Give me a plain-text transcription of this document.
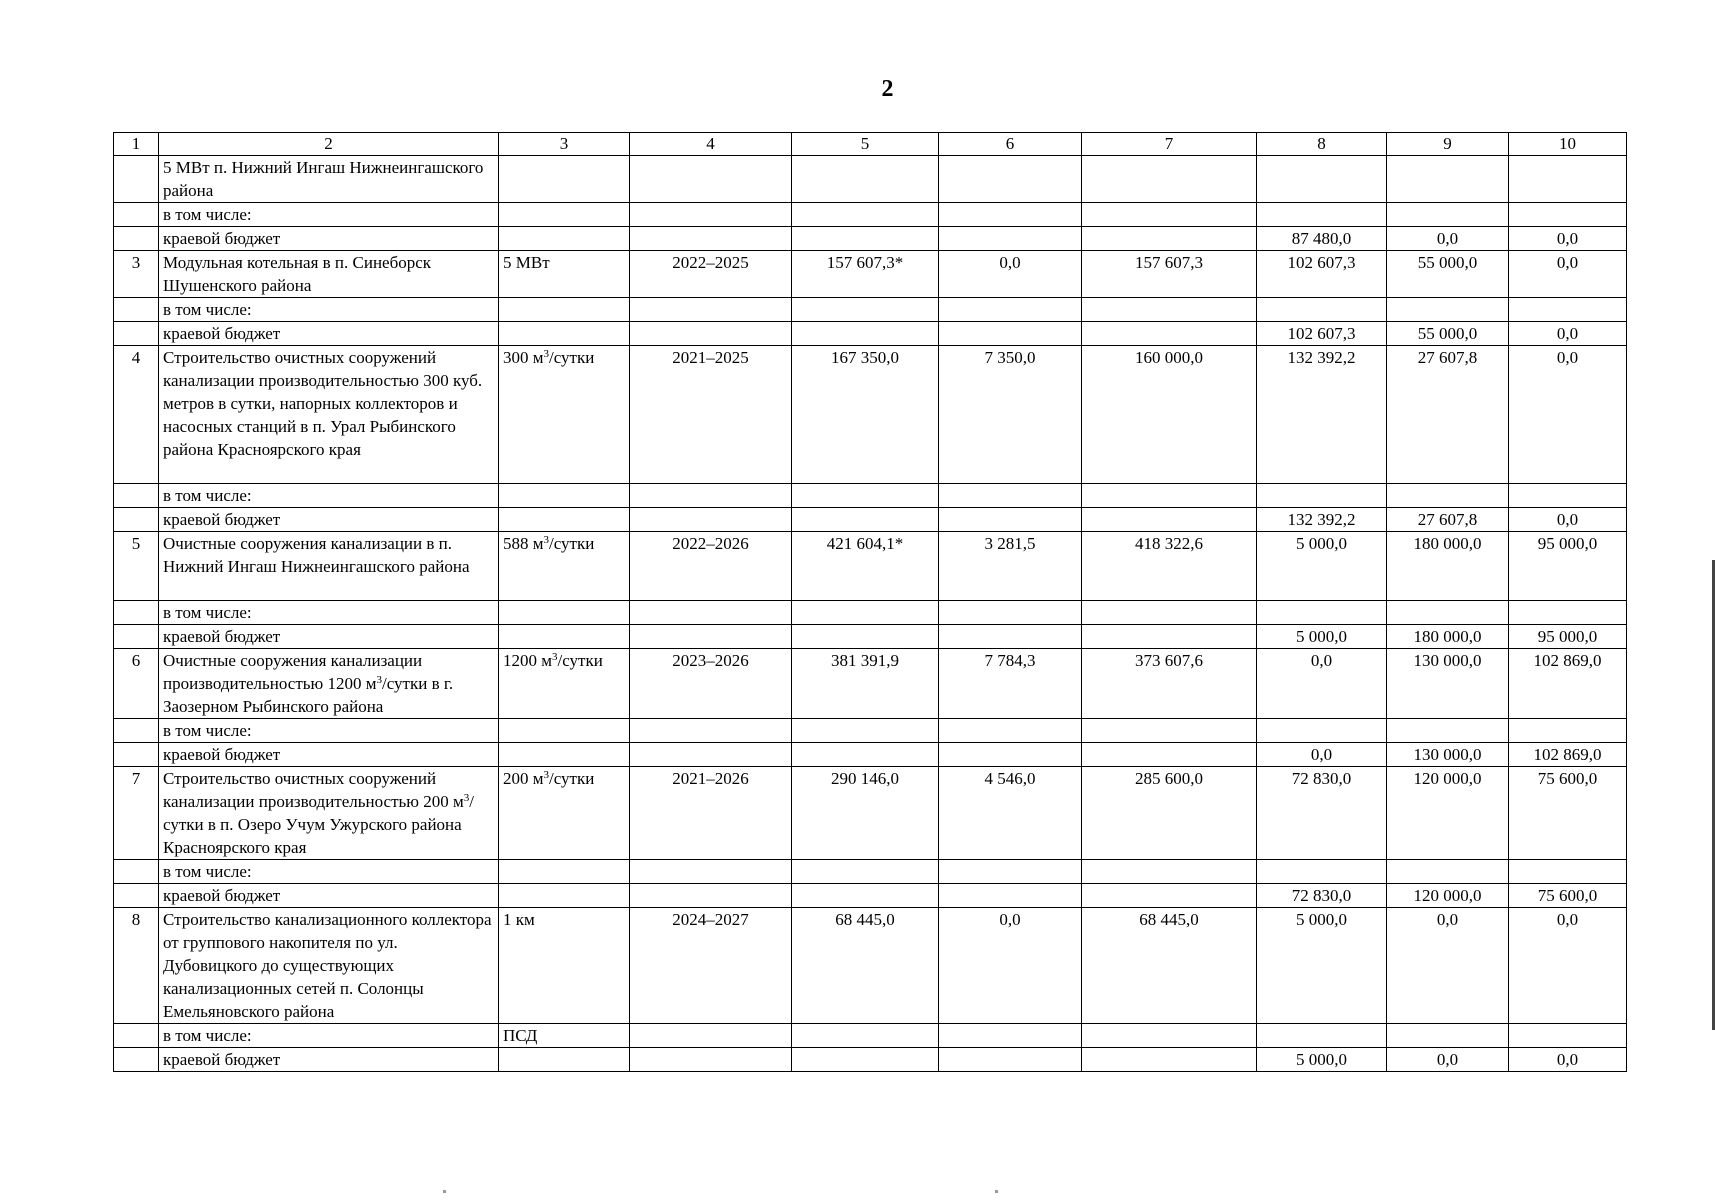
2
1	2	3	4	5	6	7	8	9	10
	5 МВт п. Нижний Ингаш Нижнеингашского района								
	в том числе:								
	краевой бюджет						87 480,0	0,0	0,0
3	Модульная котельная в п. Синеборск Шушенского района	5 МВт	2022–2025	157 607,3*	0,0	157 607,3	102 607,3	55 000,0	0,0
	в том числе:								
	краевой бюджет						102 607,3	55 000,0	0,0
4	Строительство очистных сооружений канализации производительностью 300 куб. метров в сутки, напорных коллекторов и насосных станций в п. Урал Рыбинского района Красноярского края	300 $м^3$/сутки	2021–2025	167 350,0	7 350,0	160 000,0	132 392,2	27 607,8	0,0
	в том числе:								
	краевой бюджет						132 392,2	27 607,8	0,0
5	Очистные сооружения канализации в п. Нижний Ингаш Нижнеингашского района	588 $м^3$/сутки	2022–2026	421 604,1*	3 281,5	418 322,6	5 000,0	180 000,0	95 000,0
	в том числе:								
	краевой бюджет						5 000,0	180 000,0	95 000,0
6	Очистные сооружения канализации производительностью 1200 $м^3$/сутки в г. Заозерном Рыбинского района	1200 $м^3$/сутки	2023–2026	381 391,9	7 784,3	373 607,6	0,0	130 000,0	102 869,0
	в том числе:								
	краевой бюджет						0,0	130 000,0	102 869,0
7	Строительство очистных сооружений канализации производительностью 200 $м^3$/сутки в п. Озеро Учум Ужурского района Красноярского края	200 $м^3$/сутки	2021–2026	290 146,0	4 546,0	285 600,0	72 830,0	120 000,0	75 600,0
	в том числе:								
	краевой бюджет						72 830,0	120 000,0	75 600,0
8	Строительство канализационного коллектора от группового накопителя по ул. Дубовицкого до существующих канализационных сетей п. Солонцы Емельяновского района	1 км	2024–2027	68 445,0	0,0	68 445,0	5 000,0	0,0	0,0
	в том числе:	ПСД							
	краевой бюджет						5 000,0	0,0	0,0
